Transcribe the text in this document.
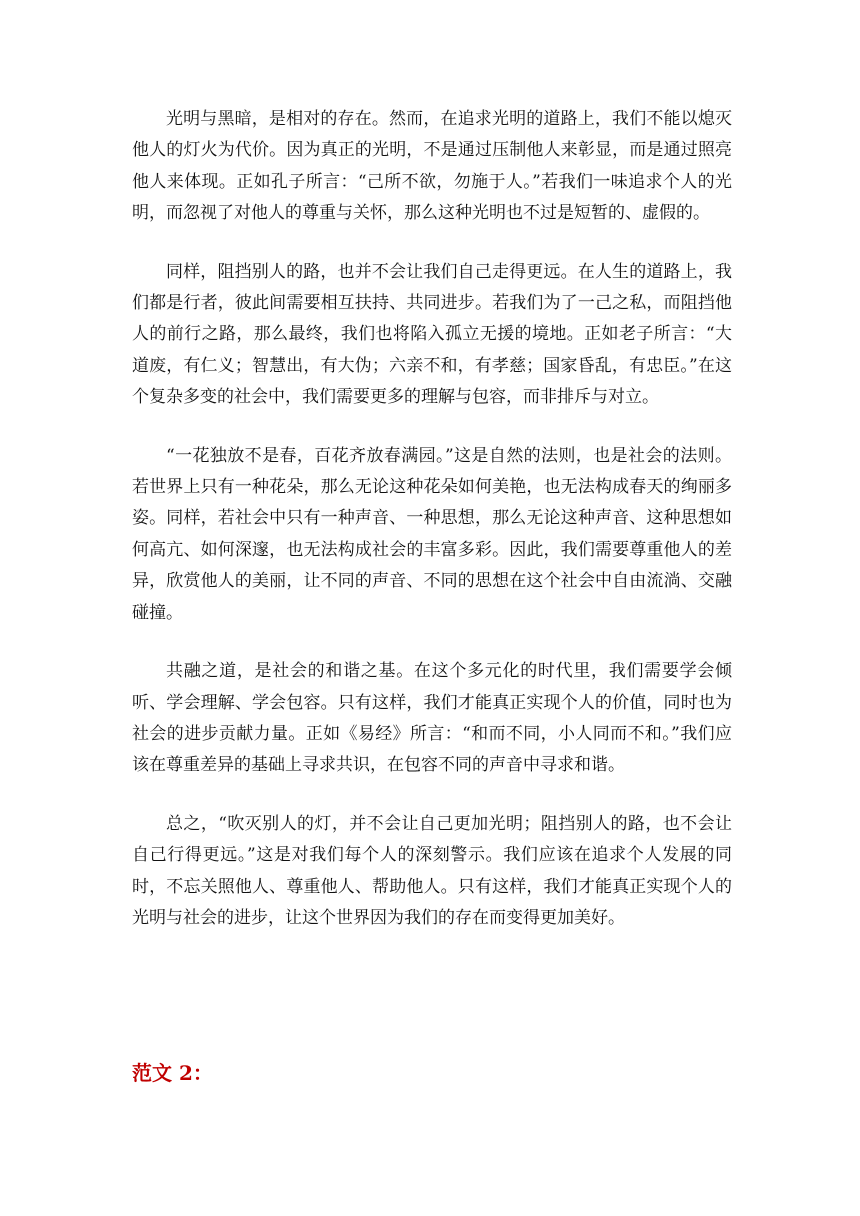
光明与黑暗，是相对的存在。然而，在追求光明的道路上，我们不能以熄灭他人的灯火为代价。因为真正的光明，不是通过压制他人来彰显，而是通过照亮他人来体现。正如孔子所言：“己所不欲，勿施于人。”若我们一味追求个人的光明，而忽视了对他人的尊重与关怀，那么这种光明也不过是短暂的、虚假的。

同样，阻挡别人的路，也并不会让我们自己走得更远。在人生的道路上，我们都是行者，彼此间需要相互扶持、共同进步。若我们为了一己之私，而阻挡他人的前行之路，那么最终，我们也将陷入孤立无援的境地。正如老子所言：“大道废，有仁义；智慧出，有大伪；六亲不和，有孝慈；国家昏乱，有忠臣。”在这个复杂多变的社会中，我们需要更多的理解与包容，而非排斥与对立。

“一花独放不是春，百花齐放春满园。”这是自然的法则，也是社会的法则。若世界上只有一种花朵，那么无论这种花朵如何美艳，也无法构成春天的绚丽多姿。同样，若社会中只有一种声音、一种思想，那么无论这种声音、这种思想如何高亢、如何深邃，也无法构成社会的丰富多彩。因此，我们需要尊重他人的差异，欣赏他人的美丽，让不同的声音、不同的思想在这个社会中自由流淌、交融碰撞。

共融之道，是社会的和谐之基。在这个多元化的时代里，我们需要学会倾听、学会理解、学会包容。只有这样，我们才能真正实现个人的价值，同时也为社会的进步贡献力量。正如《易经》所言：“和而不同，小人同而不和。”我们应该在尊重差异的基础上寻求共识，在包容不同的声音中寻求和谐。

总之，“吹灭别人的灯，并不会让自己更加光明；阻挡别人的路，也不会让自己行得更远。”这是对我们每个人的深刻警示。我们应该在追求个人发展的同时，不忘关照他人、尊重他人、帮助他人。只有这样，我们才能真正实现个人的光明与社会的进步，让这个世界因为我们的存在而变得更加美好。

范文 2：
